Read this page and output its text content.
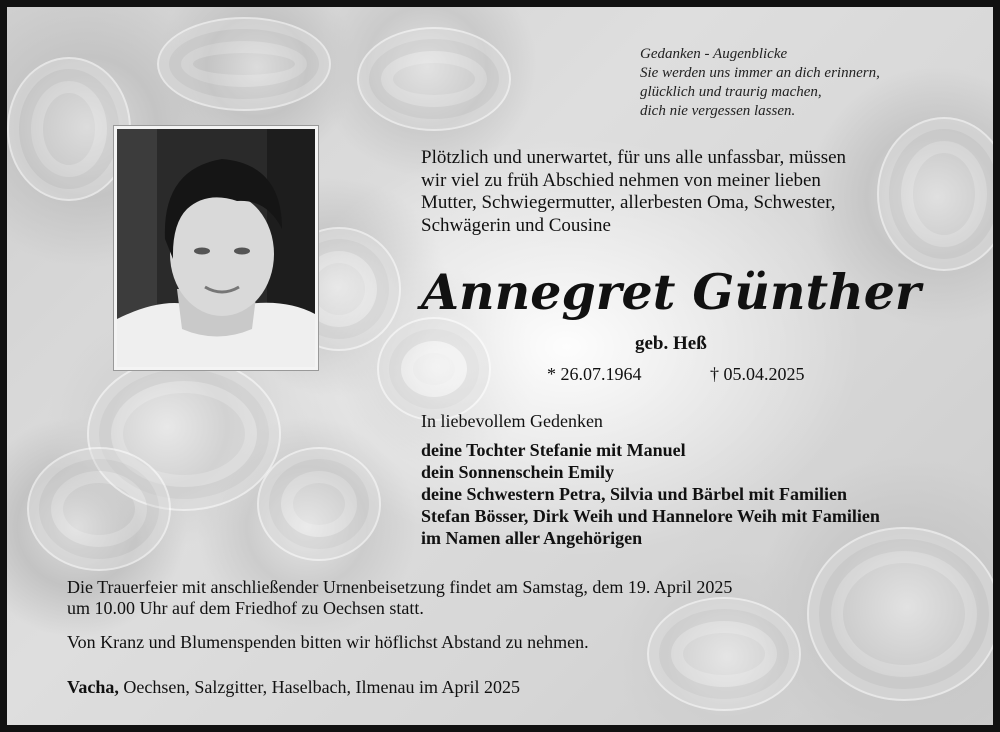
Gedanken - Augenblicke
Sie werden uns immer an dich erinnern,
glücklich und traurig machen,
dich nie vergessen lassen.
Plötzlich und unerwartet, für uns alle unfassbar, müssen
wir viel zu früh Abschied nehmen von meiner lieben
Mutter, Schwiegermutter, allerbesten Oma, Schwester,
Schwägerin und Cousine
Annegret Günther
geb. Heß
* 26.07.1964	† 05.04.2025
In liebevollem Gedenken
deine Tochter Stefanie mit Manuel
dein Sonnenschein Emily
deine Schwestern Petra, Silvia und Bärbel mit Familien
Stefan Bösser, Dirk Weih und Hannelore Weih mit Familien
im Namen aller Angehörigen
Die Trauerfeier mit anschließender Urnenbeisetzung findet am Samstag, dem 19. April 2025
um 10.00 Uhr auf dem Friedhof zu Oechsen statt.
Von Kranz und Blumenspenden bitten wir höflichst Abstand zu nehmen.
Vacha, Oechsen, Salzgitter, Haselbach, Ilmenau im April 2025
